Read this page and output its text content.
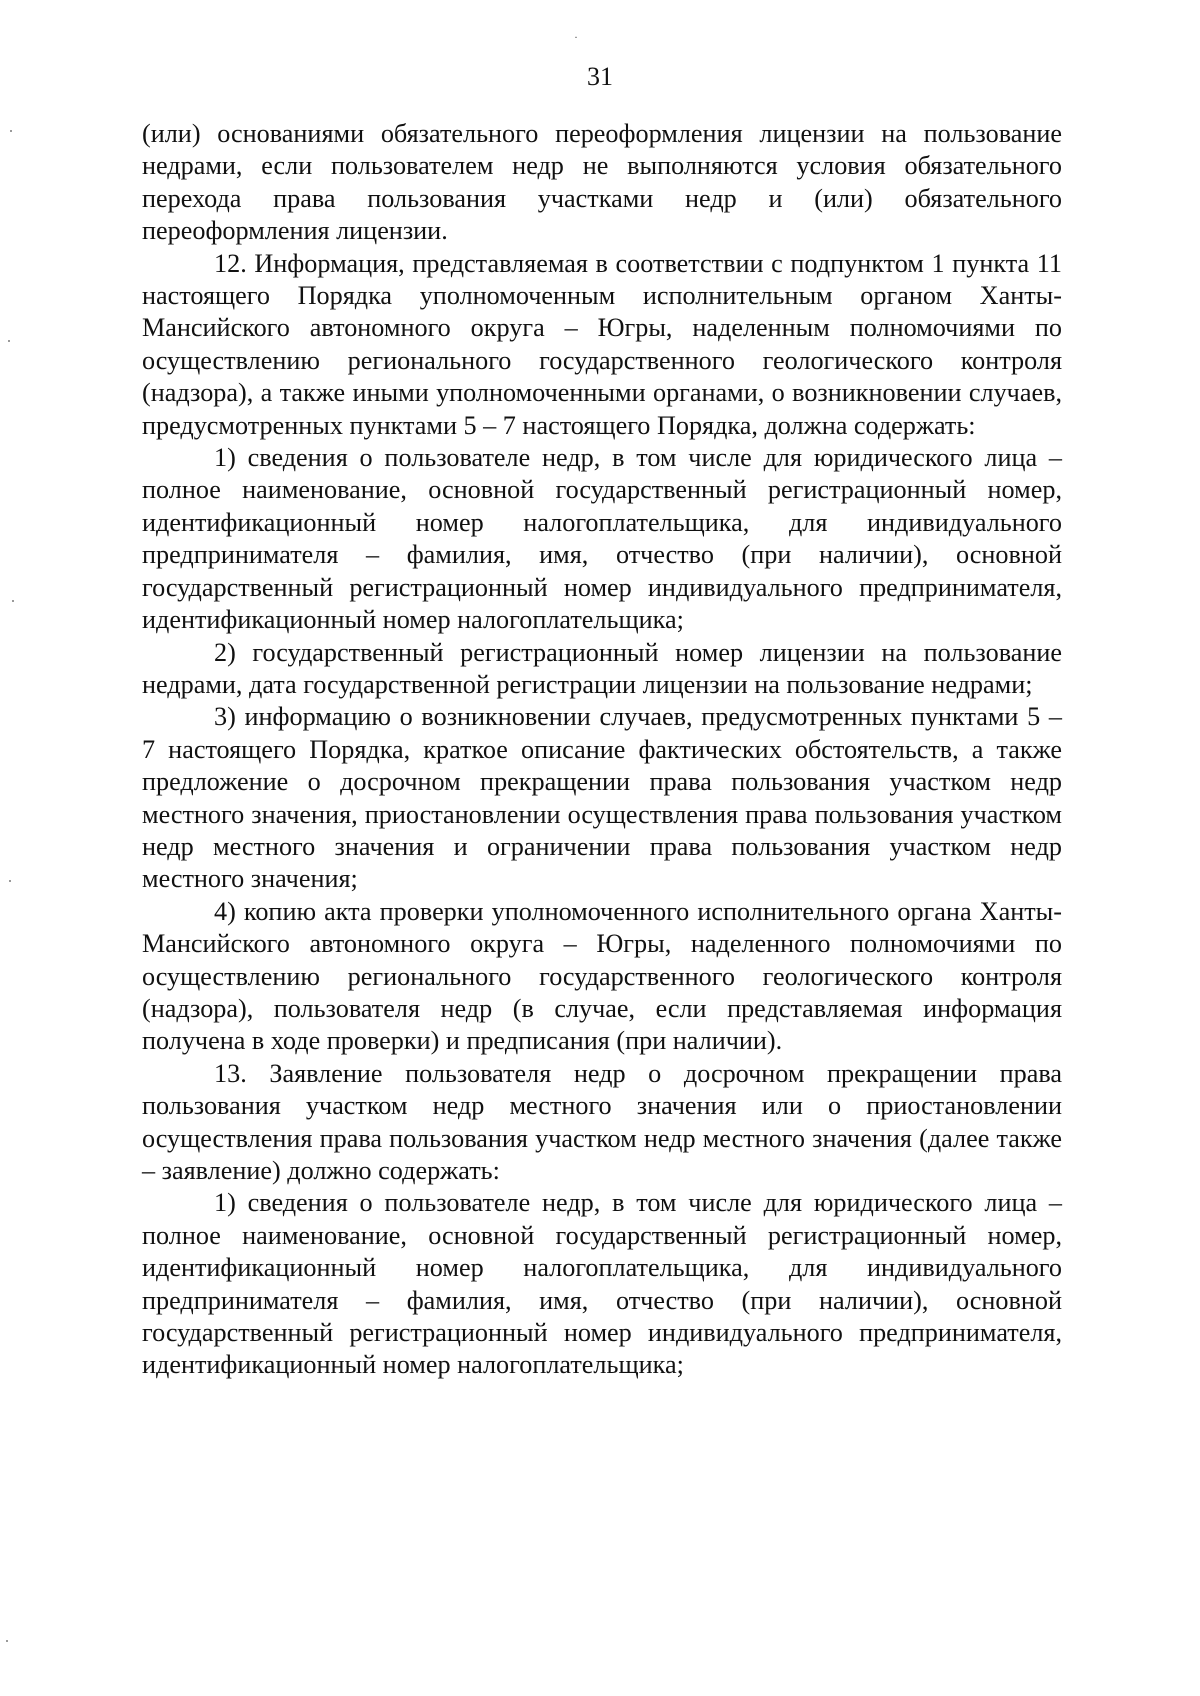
·
31

(или) основаниями обязательного переоформления лицензии на пользование недрами, если пользователем недр не выполняются условия обязательного перехода права пользования участками недр и (или) обязательного переоформления лицензии.

12. Информация, представляемая в соответствии с подпунктом 1 пункта 11 настоящего Порядка уполномоченным исполнительным органом Ханты-Мансийского автономного округа – Югры, наделенным полномочиями по осуществлению регионального государственного геологического контроля (надзора), а также иными уполномоченными органами, о возникновении случаев, предусмотренных пунктами 5 – 7 настоящего Порядка, должна содержать:

1) сведения о пользователе недр, в том числе для юридического лица – полное наименование, основной государственный регистрационный номер, идентификационный номер налогоплательщика, для индивидуального предпринимателя – фамилия, имя, отчество (при наличии), основной государственный регистрационный номер индивидуального предпринимателя, идентификационный номер налогоплательщика;

2) государственный регистрационный номер лицензии на пользование недрами, дата государственной регистрации лицензии на пользование недрами;

3) информацию о возникновении случаев, предусмотренных пунктами 5 – 7 настоящего Порядка, краткое описание фактических обстоятельств, а также предложение о досрочном прекращении права пользования участком недр местного значения, приостановлении осуществления права пользования участком недр местного значения и ограничении права пользования участком недр местного значения;

4) копию акта проверки уполномоченного исполнительного органа Ханты-Мансийского автономного округа – Югры, наделенного полномочиями по осуществлению регионального государственного геологического контроля (надзора), пользователя недр (в случае, если представляемая информация получена в ходе проверки) и предписания (при наличии).

13. Заявление пользователя недр о досрочном прекращении права пользования участком недр местного значения или о приостановлении осуществления права пользования участком недр местного значения (далее также – заявление) должно содержать:

1) сведения о пользователе недр, в том числе для юридического лица – полное наименование, основной государственный регистрационный номер, идентификационный номер налогоплательщика, для индивидуального предпринимателя – фамилия, имя, отчество (при наличии), основной государственный регистрационный номер индивидуального предпринимателя, идентификационный номер налогоплательщика;
